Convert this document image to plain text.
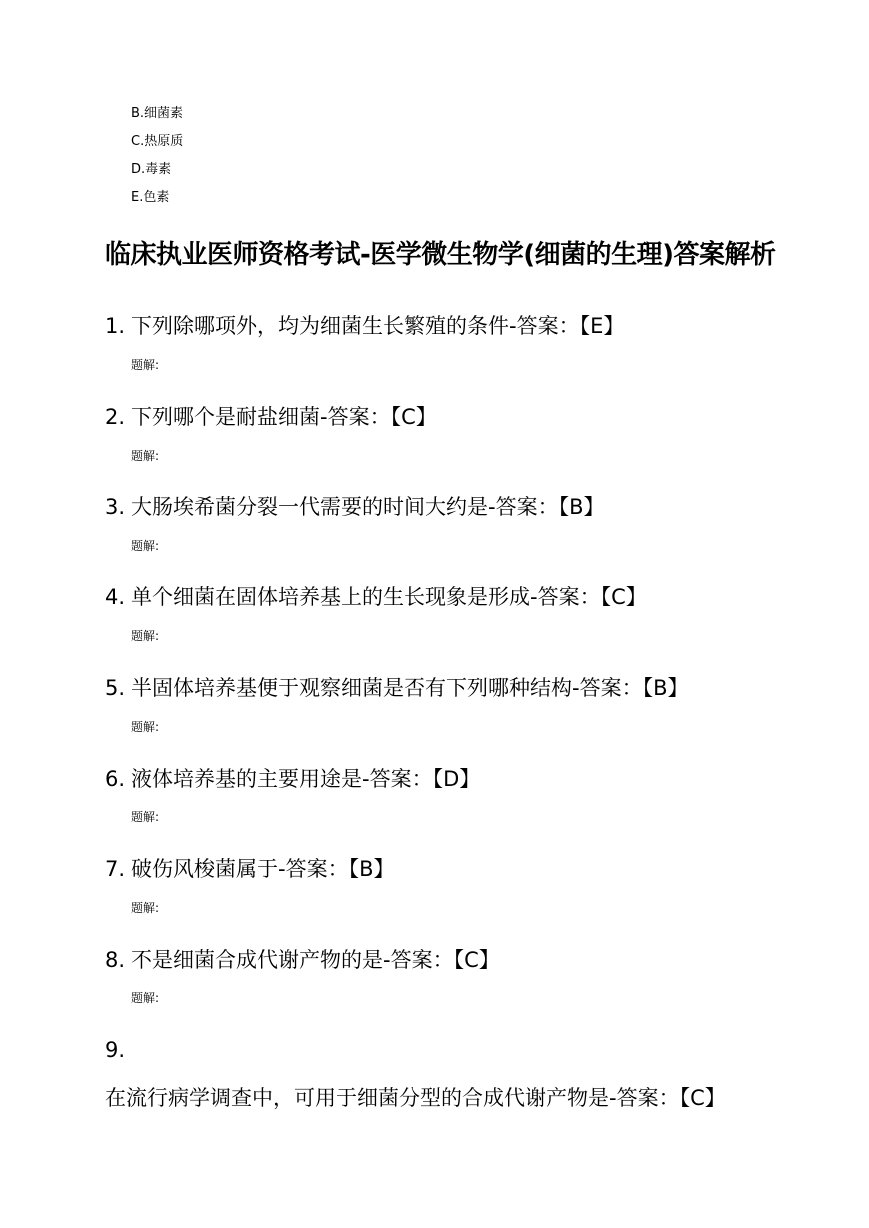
B.细菌素
C.热原质
D.毒素
E.色素
临床执业医师资格考试-医学微生物学(细菌的生理)答案解析
1. 下列除哪项外，均为细菌生长繁殖的条件-答案：【E】
题解:
2. 下列哪个是耐盐细菌-答案：【C】
题解:
3. 大肠埃希菌分裂一代需要的时间大约是-答案：【B】
题解:
4. 单个细菌在固体培养基上的生长现象是形成-答案：【C】
题解:
5. 半固体培养基便于观察细菌是否有下列哪种结构-答案：【B】
题解:
6. 液体培养基的主要用途是-答案：【D】
题解:
7. 破伤风梭菌属于-答案：【B】
题解:
8. 不是细菌合成代谢产物的是-答案：【C】
题解:
9.在流行病学调查中，可用于细菌分型的合成代谢产物是-答案：【C】
